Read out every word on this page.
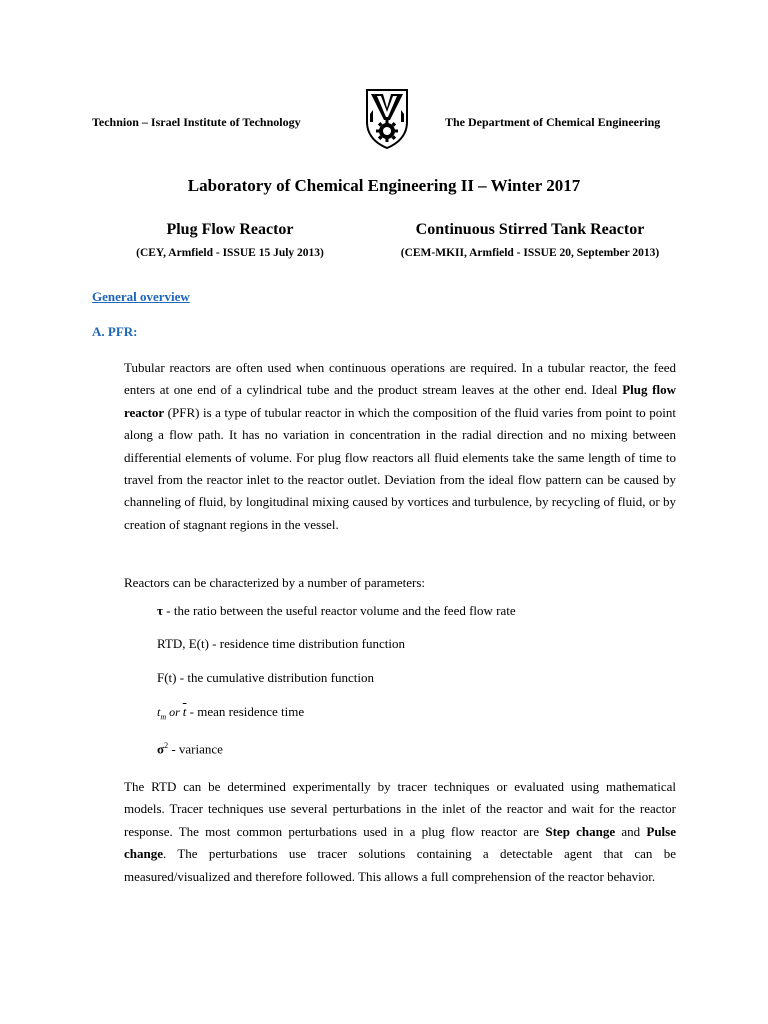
Technion – Israel Institute of Technology	The Department of Chemical Engineering
Laboratory of Chemical Engineering II – Winter 2017
Plug Flow Reactor	Continuous Stirred Tank Reactor
(CEY, Armfield - ISSUE 15 July 2013)	(CEM-MKII, Armfield - ISSUE 20, September 2013)
General overview
A. PFR:
Tubular reactors are often used when continuous operations are required. In a tubular reactor, the feed enters at one end of a cylindrical tube and the product stream leaves at the other end. Ideal Plug flow reactor (PFR) is a type of tubular reactor in which the composition of the fluid varies from point to point along a flow path. It has no variation in concentration in the radial direction and no mixing between differential elements of volume. For plug flow reactors all fluid elements take the same length of time to travel from the reactor inlet to the reactor outlet. Deviation from the ideal flow pattern can be caused by channeling of fluid, by longitudinal mixing caused by vortices and turbulence, by recycling of fluid, or by creation of stagnant regions in the vessel.
Reactors can be characterized by a number of parameters:
τ - the ratio between the useful reactor volume and the feed flow rate
RTD, E(t) - residence time distribution function
F(t) - the cumulative distribution function
$t_m$ or $\overline{t}$ - mean residence time
$\sigma^2$ - variance
The RTD can be determined experimentally by tracer techniques or evaluated using mathematical models. Tracer techniques use several perturbations in the inlet of the reactor and wait for the reactor response. The most common perturbations used in a plug flow reactor are Step change and Pulse change. The perturbations use tracer solutions containing a detectable agent that can be measured/visualized and therefore followed. This allows a full comprehension of the reactor behavior.
